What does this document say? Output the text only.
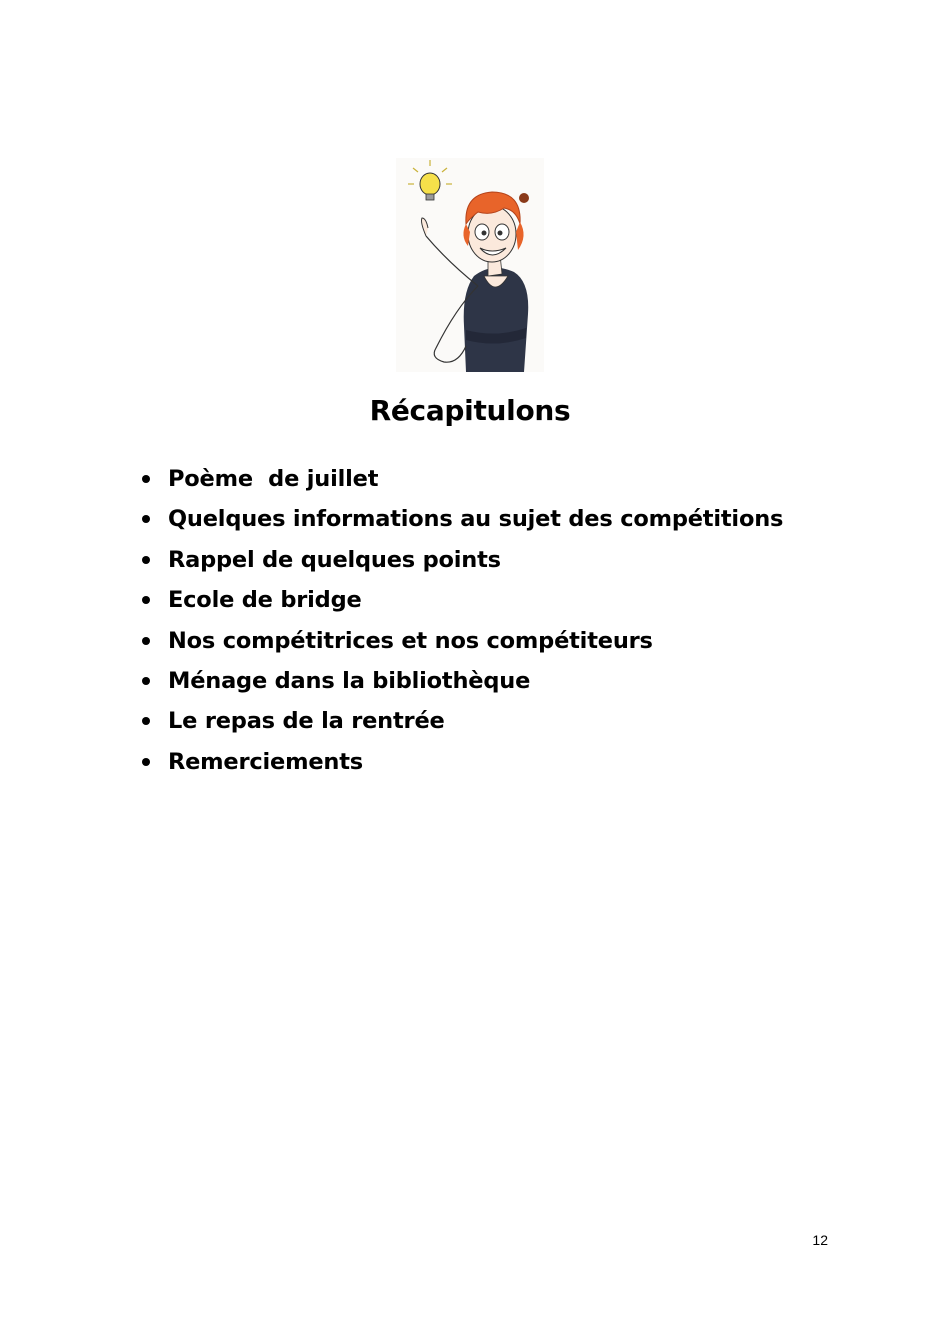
Récapitulons
Poème  de juillet
Quelques informations au sujet des compétitions
Rappel de quelques points
Ecole de bridge
Nos compétitrices et nos compétiteurs
Ménage dans la bibliothèque
Le repas de la rentrée
Remerciements
12
